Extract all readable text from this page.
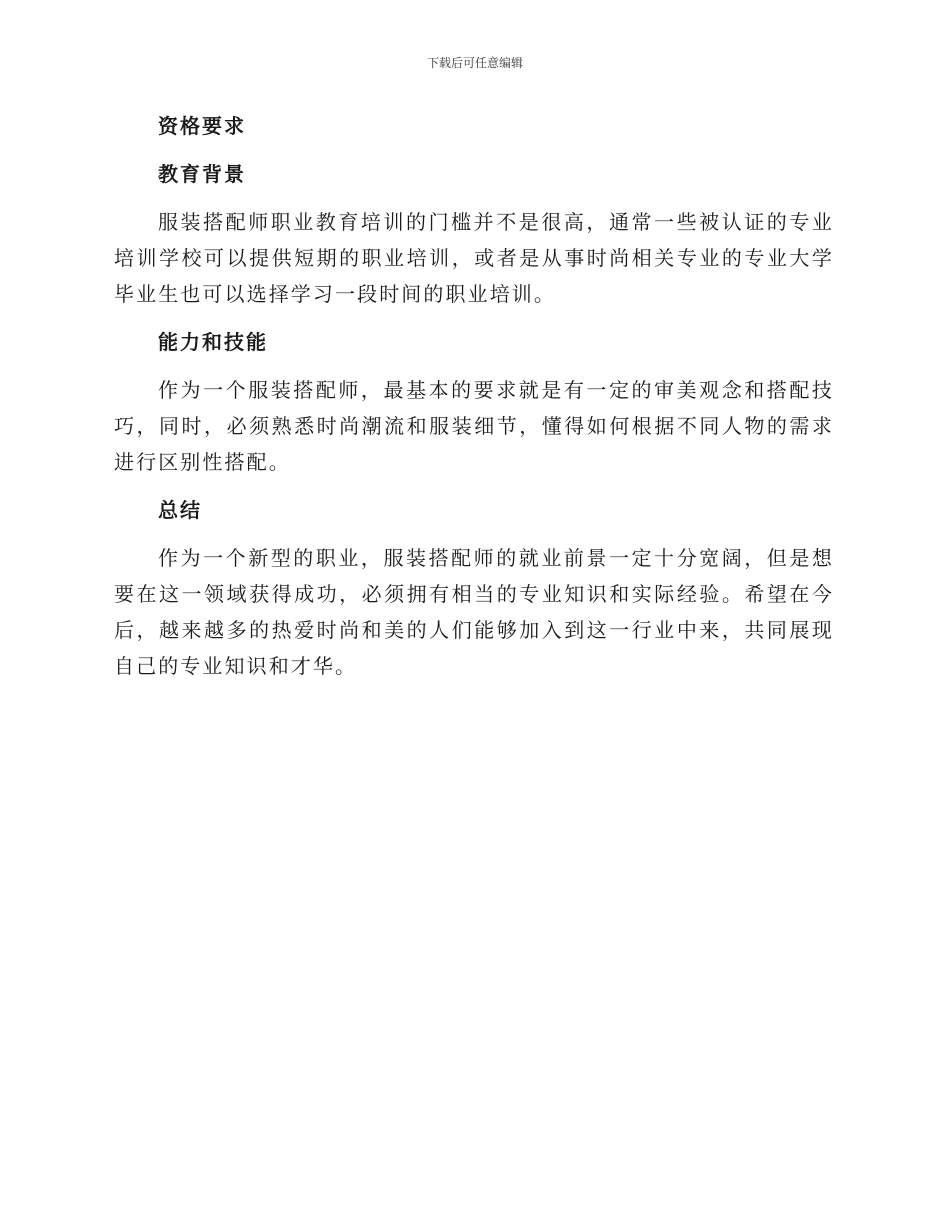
下载后可任意编辑
资格要求
教育背景

服装搭配师职业教育培训的门槛并不是很高，通常一些被认证的专业培训学校可以提供短期的职业培训，或者是从事时尚相关专业的专业大学毕业生也可以选择学习一段时间的职业培训。

能力和技能

作为一个服装搭配师，最基本的要求就是有一定的审美观念和搭配技巧，同时，必须熟悉时尚潮流和服装细节，懂得如何根据不同人物的需求进行区别性搭配。

总结

作为一个新型的职业，服装搭配师的就业前景一定十分宽阔，但是想要在这一领域获得成功，必须拥有相当的专业知识和实际经验。希望在今后，越来越多的热爱时尚和美的人们能够加入到这一行业中来，共同展现自己的专业知识和才华。
